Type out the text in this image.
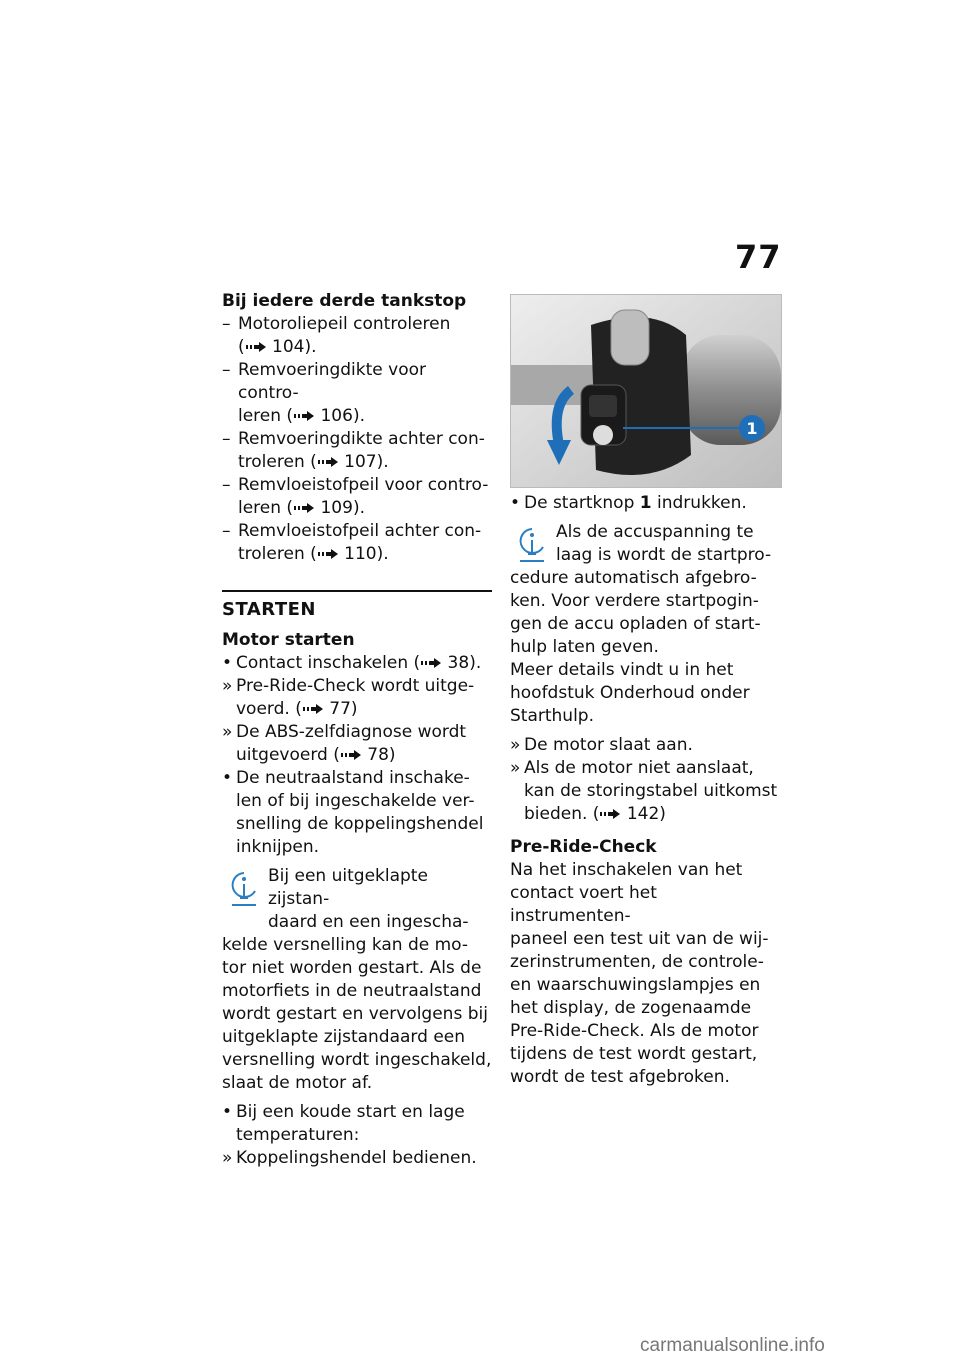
77
Bij iedere derde tankstop
– Motoroliepeil controleren
( 104).
– Remvoeringdikte voor contro-
leren ( 106).
– Remvoeringdikte achter con-
troleren ( 107).
– Remvloeistofpeil voor contro-
leren ( 109).
– Remvloeistofpeil achter con-
troleren ( 110).
STARTEN
Motor starten
• Contact inschakelen ( 38).
» Pre-Ride-Check wordt uitge-
voerd. ( 77)
» De ABS-zelfdiagnose wordt
uitgevoerd ( 78)
• De neutraalstand inschake-
len of bij ingeschakelde ver-
snelling de koppelingshendel
inknijpen.
Bij een uitgeklapte zijstan-
daard en een ingescha-
kelde versnelling kan de mo-
tor niet worden gestart. Als de
motorfiets in de neutraalstand
wordt gestart en vervolgens bij
uitgeklapte zijstandaard een
versnelling wordt ingeschakeld,
slaat de motor af.
• Bij een koude start en lage
temperaturen:
» Koppelingshendel bedienen.
1
• De startknop 1 indrukken.
Als de accuspanning te
laag is wordt de startpro-
cedure automatisch afgebro-
ken. Voor verdere startpogin-
gen de accu opladen of start-
hulp laten geven.
Meer details vindt u in het
hoofdstuk Onderhoud onder
Starthulp.
» De motor slaat aan.
» Als de motor niet aanslaat,
kan de storingstabel uitkomst
bieden. ( 142)
Pre-Ride-Check
Na het inschakelen van het
contact voert het instrumenten-
paneel een test uit van de wij-
zerinstrumenten, de controle-
en waarschuwingslampjes en
het display, de zogenaamde
Pre-Ride-Check. Als de motor
tijdens de test wordt gestart,
wordt de test afgebroken.
carmanualsonline.info
